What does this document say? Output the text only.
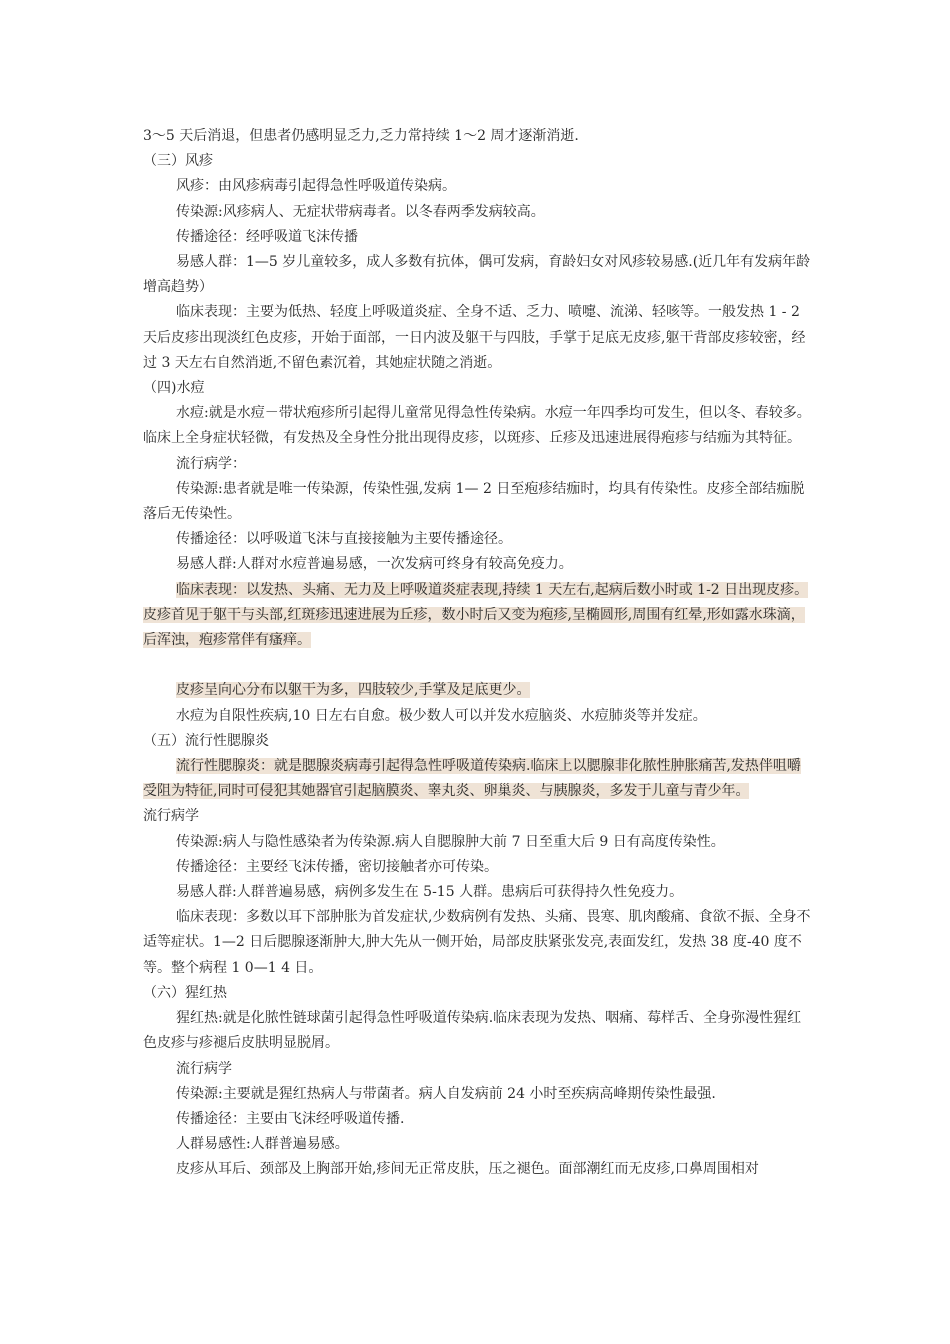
3～5 天后消退，但患者仍感明显乏力,乏力常持续 1～2 周才逐渐消逝.

（三）风疹

风疹：由风疹病毒引起得急性呼吸道传染病。

传染源:风疹病人、无症状带病毒者。以冬春两季发病较高。

传播途径：经呼吸道飞沫传播

易感人群：1—5 岁儿童较多，成人多数有抗体，偶可发病，育龄妇女对风疹较易感.(近几年有发病年龄增高趋势）

临床表现：主要为低热、轻度上呼吸道炎症、全身不适、乏力、喷嚏、流涕、轻咳等。一般发热 1 - 2 天后皮疹出现淡红色皮疹，开始于面部，一日内波及躯干与四肢，手掌于足底无皮疹,躯干背部皮疹较密，经过 3 天左右自然消逝,不留色素沉着，其她症状随之消逝。

（四)水痘

水痘:就是水痘－带状疱疹所引起得儿童常见得急性传染病。水痘一年四季均可发生，但以冬、春较多。临床上全身症状轻微，有发热及全身性分批出现得皮疹，以斑疹、丘疹及迅速进展得疱疹与结痂为其特征。

流行病学：

传染源:患者就是唯一传染源，传染性强,发病 1— 2 日至疱疹结痂时，均具有传染性。皮疹全部结痂脱落后无传染性。

传播途径：以呼吸道飞沫与直接接触为主要传播途径。

易感人群:人群对水痘普遍易感，一次发病可终身有较高免疫力。

临床表现：以发热、头痛、无力及上呼吸道炎症表现,持续 1 天左右,起病后数小时或 1-2 日出现皮疹。皮疹首见于躯干与头部,红斑疹迅速进展为丘疹，数小时后又变为疱疹,呈椭圆形,周围有红晕,形如露水珠滴，后浑浊，疱疹常伴有瘙痒。

皮疹呈向心分布以躯干为多，四肢较少,手掌及足底更少。

水痘为自限性疾病,10 日左右自愈。极少数人可以并发水痘脑炎、水痘肺炎等并发症。

（五）流行性腮腺炎

流行性腮腺炎：就是腮腺炎病毒引起得急性呼吸道传染病.临床上以腮腺非化脓性肿胀痛苦,发热伴咀嚼受阻为特征,同时可侵犯其她器官引起脑膜炎、睾丸炎、卵巢炎、与胰腺炎，多发于儿童与青少年。

流行病学

传染源:病人与隐性感染者为传染源.病人自腮腺肿大前 7 日至重大后 9 日有高度传染性。

传播途径：主要经飞沫传播，密切接触者亦可传染。

易感人群:人群普遍易感，病例多发生在 5-15 人群。患病后可获得持久性免疫力。

临床表现：多数以耳下部肿胀为首发症状,少数病例有发热、头痛、畏寒、肌肉酸痛、食欲不振、全身不适等症状。1—2 日后腮腺逐渐肿大,肿大先从一侧开始，局部皮肤紧张发亮,表面发红，发热 38 度-40 度不等。整个病程 1 0—1 4 日。

（六）猩红热

猩红热:就是化脓性链球菌引起得急性呼吸道传染病.临床表现为发热、咽痛、莓样舌、全身弥漫性猩红色皮疹与疹褪后皮肤明显脱屑。

流行病学

传染源:主要就是猩红热病人与带菌者。病人自发病前 24 小时至疾病高峰期传染性最强.

传播途径：主要由飞沫经呼吸道传播.

人群易感性:人群普遍易感。

皮疹从耳后、颈部及上胸部开始,疹间无正常皮肤，压之褪色。面部潮红而无皮疹,口鼻周围相对
